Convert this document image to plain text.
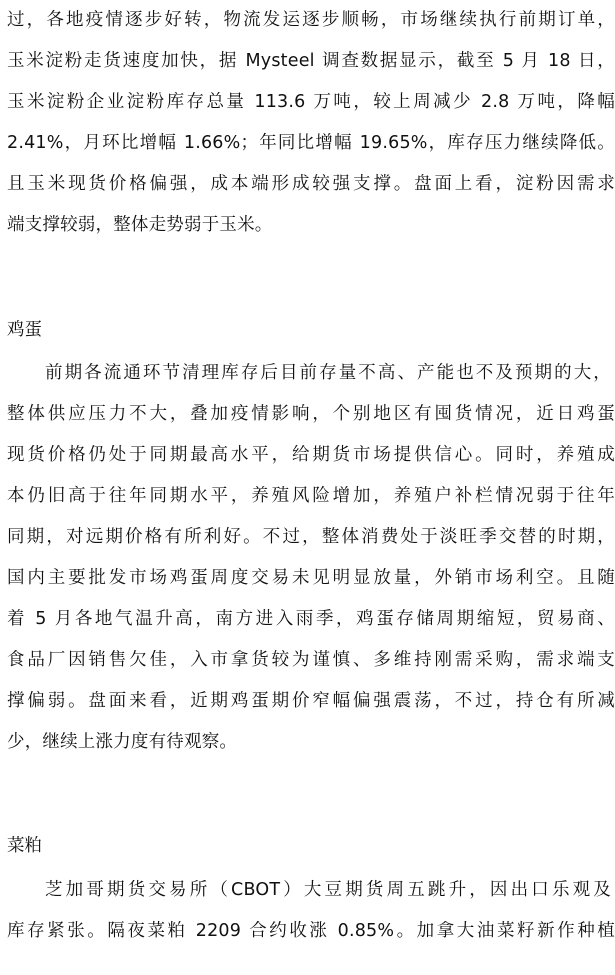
过，各地疫情逐步好转，物流发运逐步顺畅，市场继续执行前期订单，
玉米淀粉走货速度加快，据 Mysteel 调查数据显示，截至 5 月 18 日，
玉米淀粉企业淀粉库存总量 113.6 万吨，较上周减少 2.8 万吨，降幅
2.41%，月环比增幅 1.66%；年同比增幅 19.65%，库存压力继续降低。
且玉米现货价格偏强，成本端形成较强支撑。盘面上看，淀粉因需求
端支撑较弱，整体走势弱于玉米。
鸡蛋
前期各流通环节清理库存后目前存量不高、产能也不及预期的大，
整体供应压力不大，叠加疫情影响，个别地区有囤货情况，近日鸡蛋
现货价格仍处于同期最高水平，给期货市场提供信心。同时，养殖成
本仍旧高于往年同期水平，养殖风险增加，养殖户补栏情况弱于往年
同期，对远期价格有所利好。不过，整体消费处于淡旺季交替的时期，
国内主要批发市场鸡蛋周度交易未见明显放量，外销市场利空。且随
着 5 月各地气温升高，南方进入雨季，鸡蛋存储周期缩短，贸易商、
食品厂因销售欠佳，入市拿货较为谨慎、多维持刚需采购，需求端支
撑偏弱。盘面来看，近期鸡蛋期价窄幅偏强震荡，不过，持仓有所减
少，继续上涨力度有待观察。
菜粕
芝加哥期货交易所（CBOT）大豆期货周五跳升，因出口乐观及
库存紧张。隔夜菜粕 2209 合约收涨 0.85%。加拿大油菜籽新作种植
